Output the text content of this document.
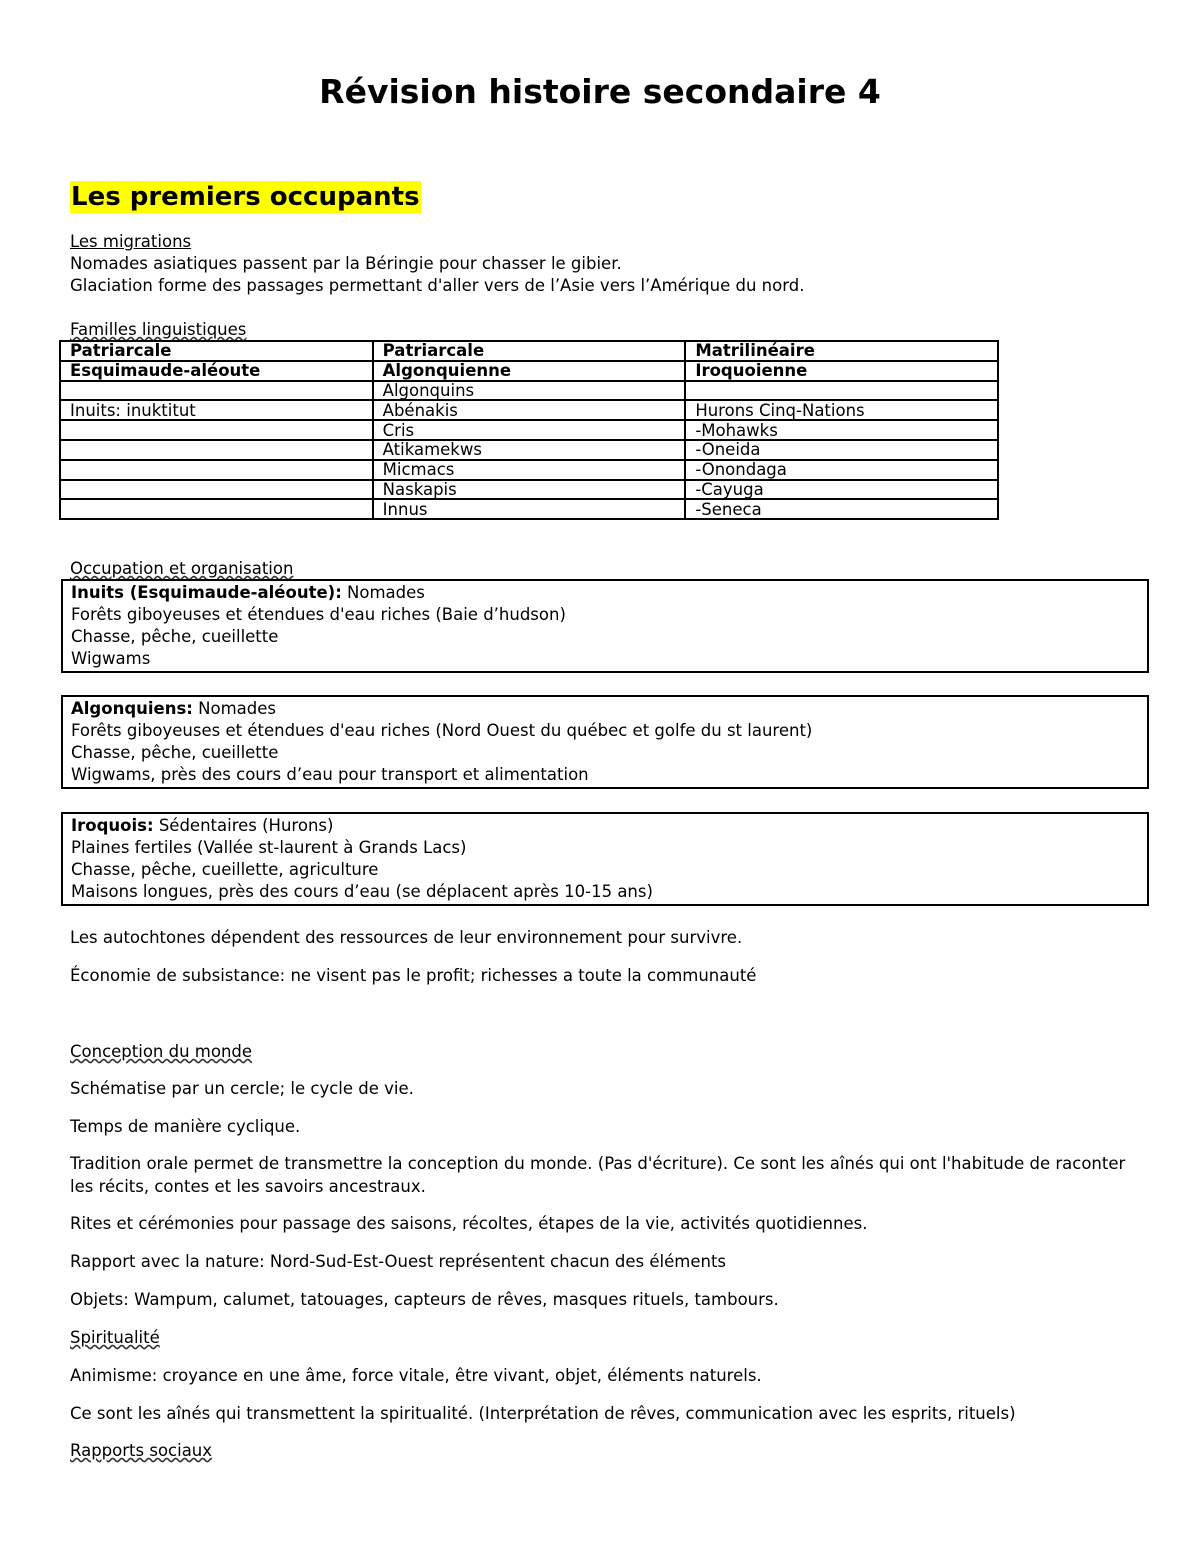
Révision histoire secondaire 4
Les premiers occupants
Les migrations
Nomades asiatiques passent par la Béringie pour chasser le gibier.
Glaciation forme des passages permettant d'aller vers de l’Asie vers l’Amérique du nord.
Familles linguistiques
Patriarcale	Patriarcale	Matrilinéaire
Esquimaude-aléoute	Algonquienne	Iroquoienne
	Algonquins	
Inuits: inuktitut	Abénakis	Hurons Cinq-Nations
	Cris	-Mohawks
	Atikamekws	-Oneida
	Micmacs	-Onondaga
	Naskapis	-Cayuga
	Innus	-Seneca
Occupation et organisation
Inuits (Esquimaude-aléoute): Nomades
Forêts giboyeuses et étendues d'eau riches (Baie d’hudson)
Chasse, pêche, cueillette
Wigwams
Algonquiens: Nomades
Forêts giboyeuses et étendues d'eau riches (Nord Ouest du québec et golfe du st laurent)
Chasse, pêche, cueillette
Wigwams, près des cours d’eau pour transport et alimentation
Iroquois: Sédentaires (Hurons)
Plaines fertiles (Vallée st-laurent à Grands Lacs)
Chasse, pêche, cueillette, agriculture
Maisons longues, près des cours d’eau (se déplacent après 10-15 ans)
Les autochtones dépendent des ressources de leur environnement pour survivre.
Économie de subsistance: ne visent pas le profit; richesses a toute la communauté
Conception du monde
Schématise par un cercle; le cycle de vie.
Temps de manière cyclique.
Tradition orale permet de transmettre la conception du monde. (Pas d'écriture). Ce sont les aînés qui ont l'habitude de raconter les récits, contes et les savoirs ancestraux.
Rites et cérémonies pour passage des saisons, récoltes, étapes de la vie, activités quotidiennes.
Rapport avec la nature: Nord-Sud-Est-Ouest représentent chacun des éléments
Objets: Wampum, calumet, tatouages, capteurs de rêves, masques rituels, tambours.
Spiritualité
Animisme: croyance en une âme, force vitale, être vivant, objet, éléments naturels.
Ce sont les aînés qui transmettent la spiritualité. (Interprétation de rêves, communication avec les esprits, rituels)
Rapports sociaux
